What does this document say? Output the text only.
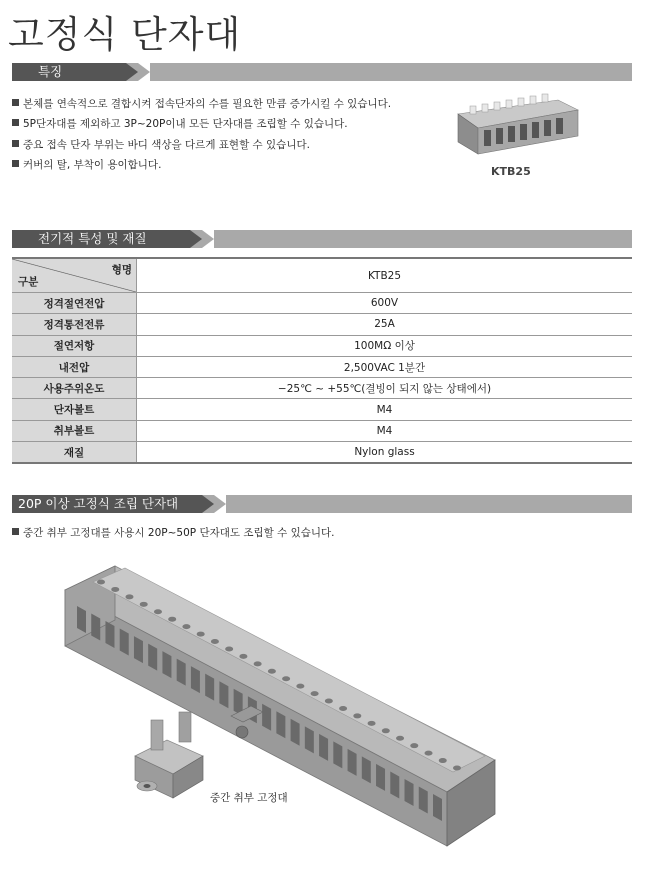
고정식 단자대
특징
본체를 연속적으로 결합시켜 접속단자의 수를 필요한 만큼 증가시킬 수 있습니다.
5P단자대를 제외하고 3P~20P이내 모든 단자대를 조립할 수 있습니다.
중요 접속 단자 부위는 바디 색상을 다르게 표현할 수 있습니다.
커버의 탈, 부착이 용이합니다.
KTB25
전기적 특성 및 재질
형명
구분	KTB25
정격절연전압	600V
정격통전전류	25A
절연저항	100MΩ 이상
내전압	2,500VAC 1분간
사용주위온도	−25℃ ~ +55℃(결빙이 되지 않는 상태에서)
단자볼트	M4
취부볼트	M4
재질	Nylon glass
20P 이상 고정식 조립 단자대
중간 취부 고정대를 사용시 20P~50P 단자대도 조립할 수 있습니다.
중간 취부 고정대
